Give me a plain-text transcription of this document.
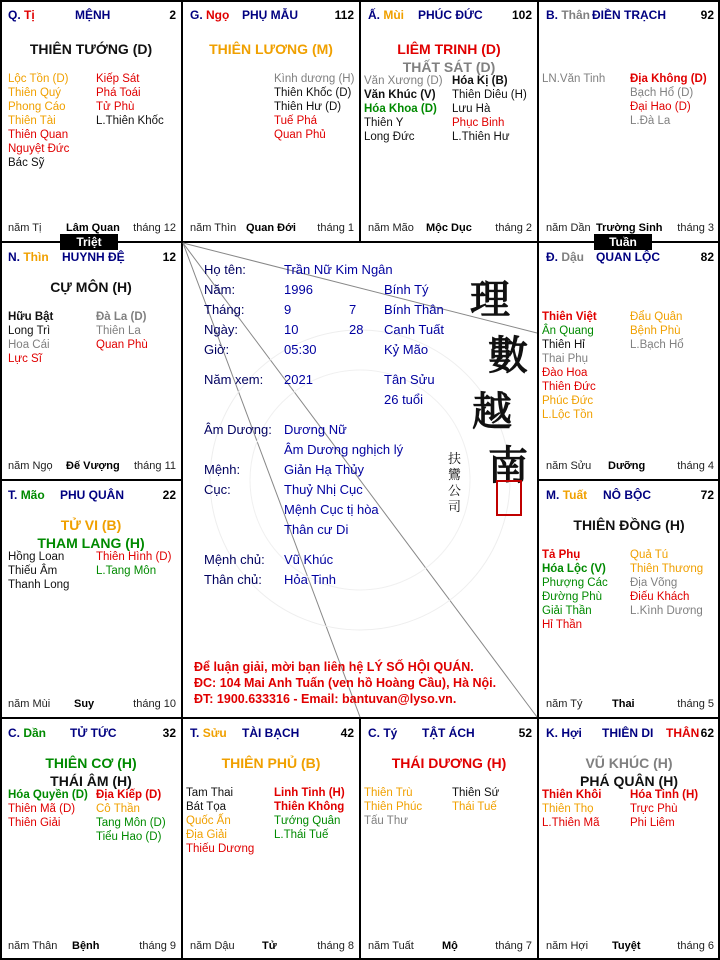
Triệt	Tuần
Họ tên:	Trần Nữ Kim Ngân
Năm:	1996	Bính Tý
Tháng:	9	7 Bính Thân
Ngày:	10	28 Canh Tuất
Giờ:	05:30	Kỷ Mão
Năm xem: 2021	Tân Sửu
26 tuổi
Âm Dương: Dương Nữ
Âm Dương nghịch lý
Mệnh:	Giản Hạ Thủy
Cục:	Thuỷ Nhị Cục
Mệnh Cục tị hòa
Thân cư Di
Mệnh chủ: Vũ Khúc
Thân chủ: Hỏa Tinh
理
數
越
南
扶
鸞
公
司
Để luận giải, mời bạn liên hệ LÝ SỐ HỘI QUÁN.
ĐC: 104 Mai Anh Tuấn (ven hồ Hoàng Cầu), Hà Nội.
ĐT: 1900.633316 - Email: bantuvan@lyso.vn.
Q. Tị	MỆNH	2
THIÊN TƯỚNG (D)
Lộc Tồn (D)
Thiên Quý
Phong Cáo
Thiên Tài
Thiên Quan
Nguyệt Đức
Bác Sỹ
Kiếp Sát
Phá Toái
Tử Phù
L.Thiên Khốc
năm Tị Lâm Quan tháng 12
G. Ngọ PHỤ MẪU	112
THIÊN LƯƠNG (M)
Kình dương (H)
Thiên Khốc (D)
Thiên Hư (D)
Tuế Phá
Quan Phủ
năm Thìn Quan Đới tháng 1
Ấ. Mùi PHÚC ĐỨC 102
LIÊM TRINH (D)
THẤT SÁT (D)
Văn Xương (D)
Văn Khúc (V)
Hóa Khoa (D)
Thiên Y
Long Đức
Hóa Kị (B)
Thiên Diêu (H)
Lưu Hà
Phục Binh
L.Thiên Hư
năm Mão Mộc Dục tháng 2
B. Thân ĐIỀN TRẠCH	92
LN.Văn Tinh Địa Không (D)
Bạch Hổ (D)
Đại Hao (D)
L.Đà La
năm Dần Trường Sinh tháng 3
N. Thìn HUYNH ĐỆ	12
CỰ MÔN (H)
Hữu Bật
Long Trì
Hoa Cái
Lực Sĩ
Đà La (D)
Thiên La
Quan Phù
năm Ngọ Đế Vượng tháng 11
Đ. Dậu QUAN LỘC	82
Thiên Việt
Ân Quang
Thiên Hỉ
Thai Phụ
Đào Hoa
Thiên Đức
Phúc Đức
L.Lộc Tồn
Đẩu Quân
Bệnh Phù
L.Bạch Hổ
năm Sửu Dưỡng	tháng 4
T. Mão PHU QUÂN	22
TỬ VI (B)
THAM LANG (H)
Hồng Loan
Thiếu Âm
Thanh Long
Thiên Hình (D)
L.Tang Môn
năm Mùi Suy	tháng 10
M. Tuất NÔ BỘC	72
THIÊN ĐỒNG (H)
Tả Phụ
Hóa Lộc (V)
Phượng Các
Đường Phù
Giải Thần
Hỉ Thần
Quả Tú
Thiên Thương
Địa Võng
Điếu Khách
L.Kình Dương
năm Tý	Thai	tháng 5
C. Dần TỬ TỨC	32
THIÊN CƠ (H)
THÁI ÂM (H)
Hóa Quyền (D)
Thiên Mã (D)
Thiên Giải
Địa Kiếp (D)
Cô Thần
Tang Môn (D)
Tiểu Hao (D)
năm Thân Bệnh	tháng 9
T. Sửu TÀI BẠCH	42
THIÊN PHỦ (B)
Tam Thai
Bát Tọa
Quốc Ấn
Địa Giải
Thiếu Dương
Linh Tinh (H)
Thiên Không
Tướng Quân
L.Thái Tuế
năm Dậu Tử	tháng 8
C. Tý TẬT ÁCH	52
THÁI DƯƠNG (H)
Thiên Trù
Thiên Phúc
Tấu Thư
Thiên Sứ
Thái Tuế
năm Tuất	Mộ	tháng 7
K. Hợi THIÊN DI THÂN 62
VŨ KHÚC (H)
PHÁ QUÂN (H)
Thiên Khôi
Thiên Thọ
L.Thiên Mã
Hóa Tinh (H)
Trực Phù
Phi Liêm
năm Hợi Tuyệt	tháng 6
